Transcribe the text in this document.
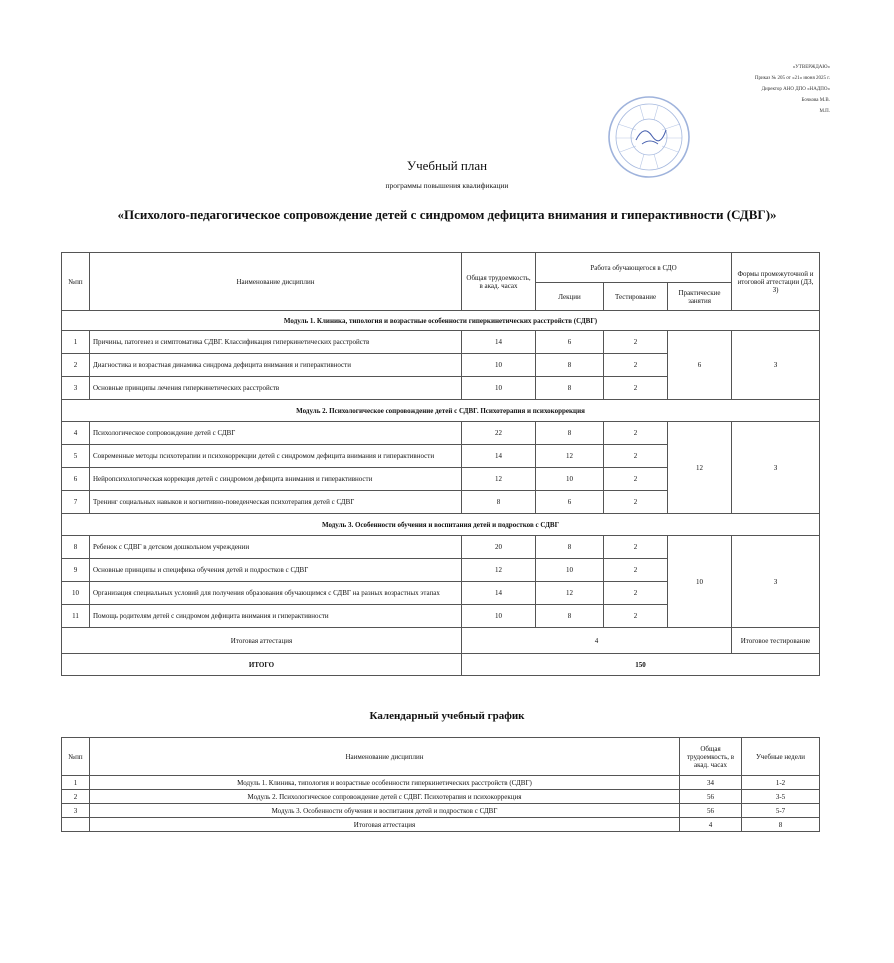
«УТВЕРЖДАЮ»
Приказ № 205 от «21» июня 2025 г.
Директор АНО ДПО «НАДПО»
Бочкова М.В.
М.П.
Учебный план
программы повышения квалификации
«Психолого-педагогическое сопровождение детей с синдромом дефицита внимания и гиперактивности (СДВГ)»
№пп	Наименование дисциплин	Общая трудоемкость, в акад. часах	Работа обучающегося в СДО			Формы промежуточной и итоговой аттестации (ДЗ, З)
			Лекции	Тестирование	Практические занятия	
Модуль 1. Клиника, типология и возрастные особенности гиперкинетических расстройств (СДВГ)						
1	Причины, патогенез и симптоматика СДВГ. Классификация гиперкинетических расстройств	14	6	2	6	З
2	Диагностика и возрастная динамика синдрома дефицита внимания и гиперактивности	10	8	2		
3	Основные принципы лечения гиперкинетических расстройств	10	8	2		
Модуль 2. Психологическое сопровождение детей с СДВГ. Психотерапия и психокоррекция						
4	Психологическое сопровождение детей с СДВГ	22	8	2	12	З
5	Современные методы психотерапии и психокоррекции детей с синдромом дефицита внимания и гиперактивности	14	12	2		
6	Нейропсихологическая коррекция детей с синдромом дефицита внимания и гиперактивности	12	10	2		
7	Тренинг социальных навыков и когнитивно-поведенческая психотерапия детей с СДВГ	8	6	2		
Модуль 3. Особенности обучения и воспитания детей и подростков с СДВГ						
8	Ребенок с СДВГ в детском дошкольном учреждении	20	8	2	10	З
9	Основные принципы и специфика обучения детей и подростков с СДВГ	12	10	2		
10	Организация специальных условий для получения образования обучающимся с СДВГ на разных возрастных этапах	14	12	2		
11	Помощь родителям детей с синдромом дефицита внимания и гиперактивности	10	8	2		
Итоговая аттестация		4				Итоговое тестирование
ИТОГО		150				
Календарный учебный график
№пп	Наименование дисциплин	Общая трудоемкость, в акад. часах	Учебные недели
1	Модуль 1. Клиника, типология и возрастные особенности гиперкинетических расстройств (СДВГ)	34	1-2
2	Модуль 2. Психологическое сопровождение детей с СДВГ. Психотерапия и психокоррекция	56	3-5
3	Модуль 3. Особенности обучения и воспитания детей и подростков с СДВГ	56	5-7
	Итоговая аттестация	4	8
